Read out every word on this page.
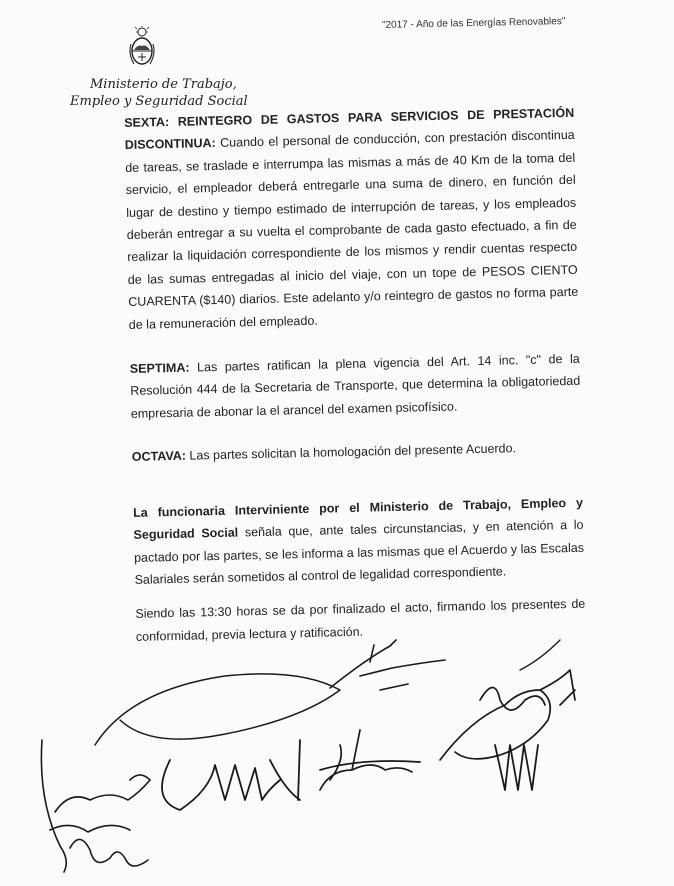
"2017 - Año de las Energías Renovables"
Ministerio de Trabajo,
Empleo y Seguridad Social

SEXTA: REINTEGRO DE GASTOS PARA SERVICIOS DE PRESTACIÓN DISCONTINUA: Cuando el personal de conducción, con prestación discontinua de tareas, se traslade e interrumpa las mismas a más de 40 Km de la toma del servicio, el empleador deberá entregarle una suma de dinero, en función del lugar de destino y tiempo estimado de interrupción de tareas, y los empleados deberán entregar a su vuelta el comprobante de cada gasto efectuado, a fin de realizar la liquidación correspondiente de los mismos y rendir cuentas respecto de las sumas entregadas al inicio del viaje, con un tope de PESOS CIENTO CUARENTA ($140) diarios. Este adelanto y/o reintegro de gastos no forma parte de la remuneración del empleado.

SEPTIMA: Las partes ratifican la plena vigencia del Art. 14 inc. "c" de la Resolución 444 de la Secretaria de Transporte, que determina la obligatoriedad empresaria de abonar la el arancel del examen psicofísico.

OCTAVA: Las partes solicitan la homologación del presente Acuerdo.

La funcionaria Interviniente por el Ministerio de Trabajo, Empleo y Seguridad Social señala que, ante tales circunstancias, y en atención a lo pactado por las partes, se les informa a las mismas que el Acuerdo y las Escalas Salariales serán sometidos al control de legalidad correspondiente.

Siendo las 13:30 horas se da por finalizado el acto, firmando los presentes de conformidad, previa lectura y ratificación.
